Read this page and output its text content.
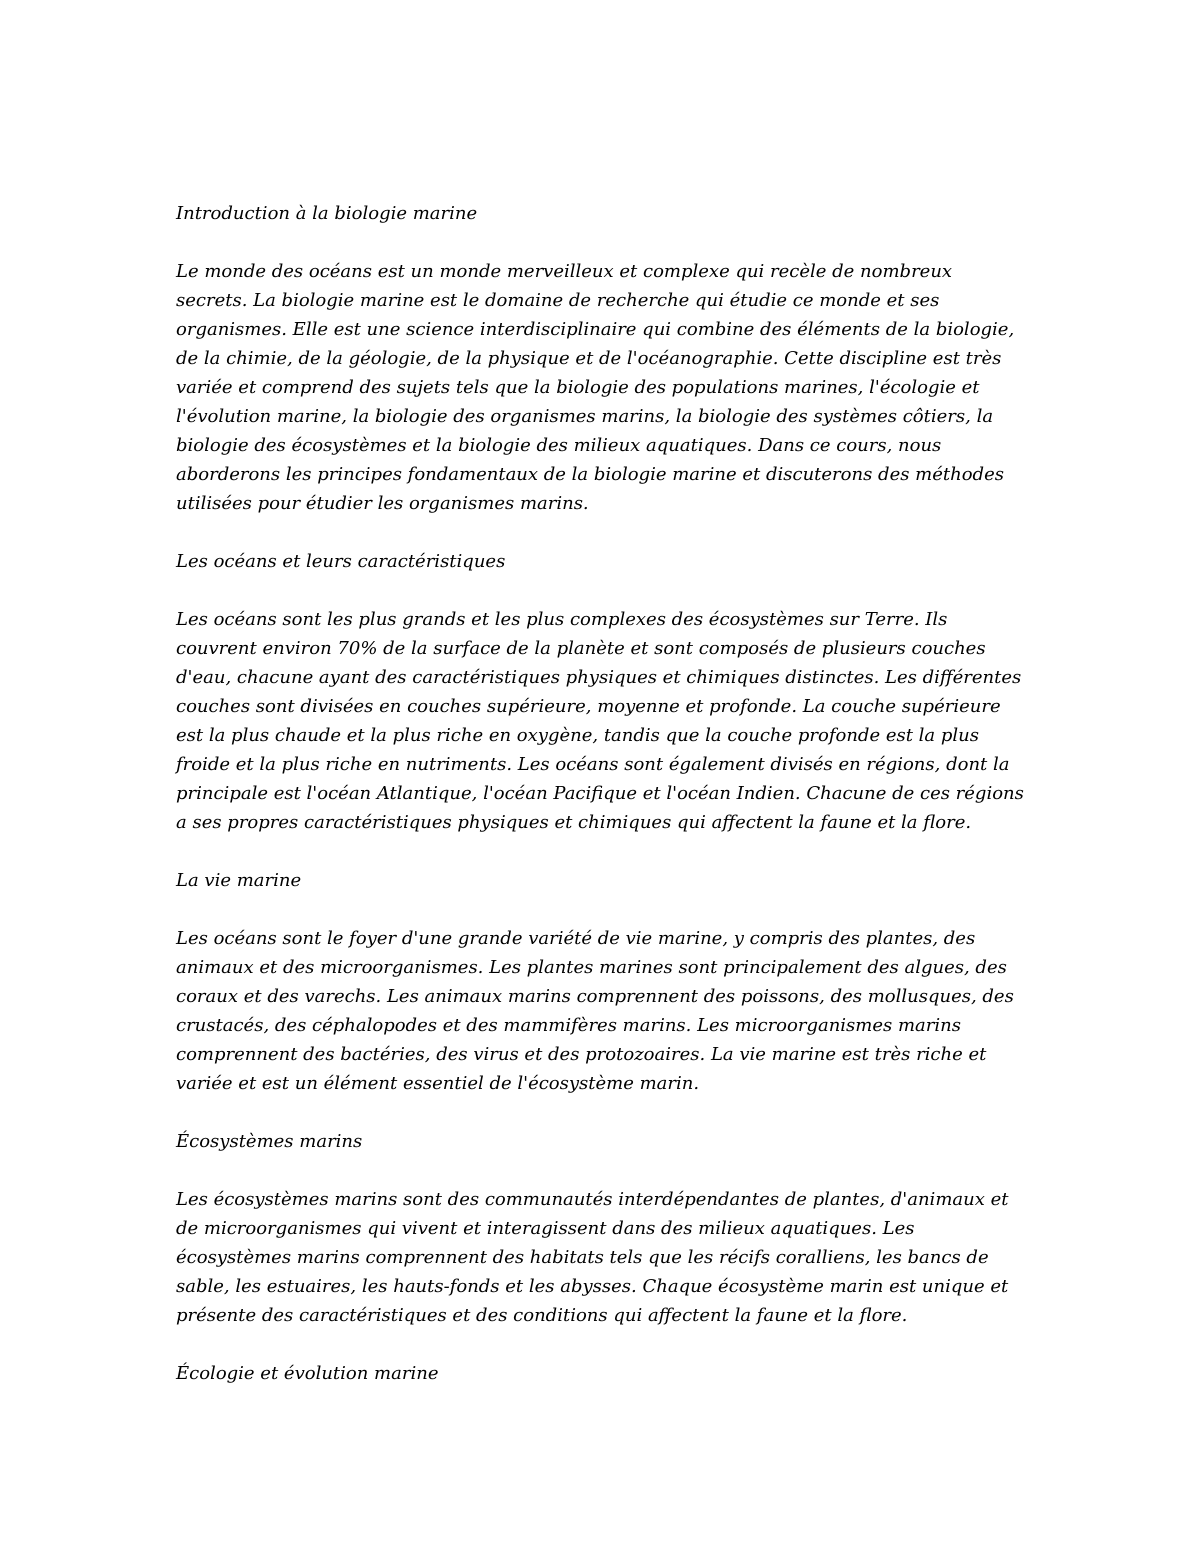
Introduction à la biologie marine

Le monde des océans est un monde merveilleux et complexe qui recèle de nombreux secrets. La biologie marine est le domaine de recherche qui étudie ce monde et ses organismes. Elle est une science interdisciplinaire qui combine des éléments de la biologie, de la chimie, de la géologie, de la physique et de l'océanographie. Cette discipline est très variée et comprend des sujets tels que la biologie des populations marines, l'écologie et l'évolution marine, la biologie des organismes marins, la biologie des systèmes côtiers, la biologie des écosystèmes et la biologie des milieux aquatiques. Dans ce cours, nous aborderons les principes fondamentaux de la biologie marine et discuterons des méthodes utilisées pour étudier les organismes marins.

Les océans et leurs caractéristiques

Les océans sont les plus grands et les plus complexes des écosystèmes sur Terre. Ils couvrent environ 70% de la surface de la planète et sont composés de plusieurs couches d'eau, chacune ayant des caractéristiques physiques et chimiques distinctes. Les différentes couches sont divisées en couches supérieure, moyenne et profonde. La couche supérieure est la plus chaude et la plus riche en oxygène, tandis que la couche profonde est la plus froide et la plus riche en nutriments. Les océans sont également divisés en régions, dont la principale est l'océan Atlantique, l'océan Pacifique et l'océan Indien. Chacune de ces régions a ses propres caractéristiques physiques et chimiques qui affectent la faune et la flore.

La vie marine

Les océans sont le foyer d'une grande variété de vie marine, y compris des plantes, des animaux et des microorganismes. Les plantes marines sont principalement des algues, des coraux et des varechs. Les animaux marins comprennent des poissons, des mollusques, des crustacés, des céphalopodes et des mammifères marins. Les microorganismes marins comprennent des bactéries, des virus et des protozoaires. La vie marine est très riche et variée et est un élément essentiel de l'écosystème marin.

Écosystèmes marins

Les écosystèmes marins sont des communautés interdépendantes de plantes, d'animaux et de microorganismes qui vivent et interagissent dans des milieux aquatiques. Les écosystèmes marins comprennent des habitats tels que les récifs coralliens, les bancs de sable, les estuaires, les hauts-fonds et les abysses. Chaque écosystème marin est unique et présente des caractéristiques et des conditions qui affectent la faune et la flore.

Écologie et évolution marine
